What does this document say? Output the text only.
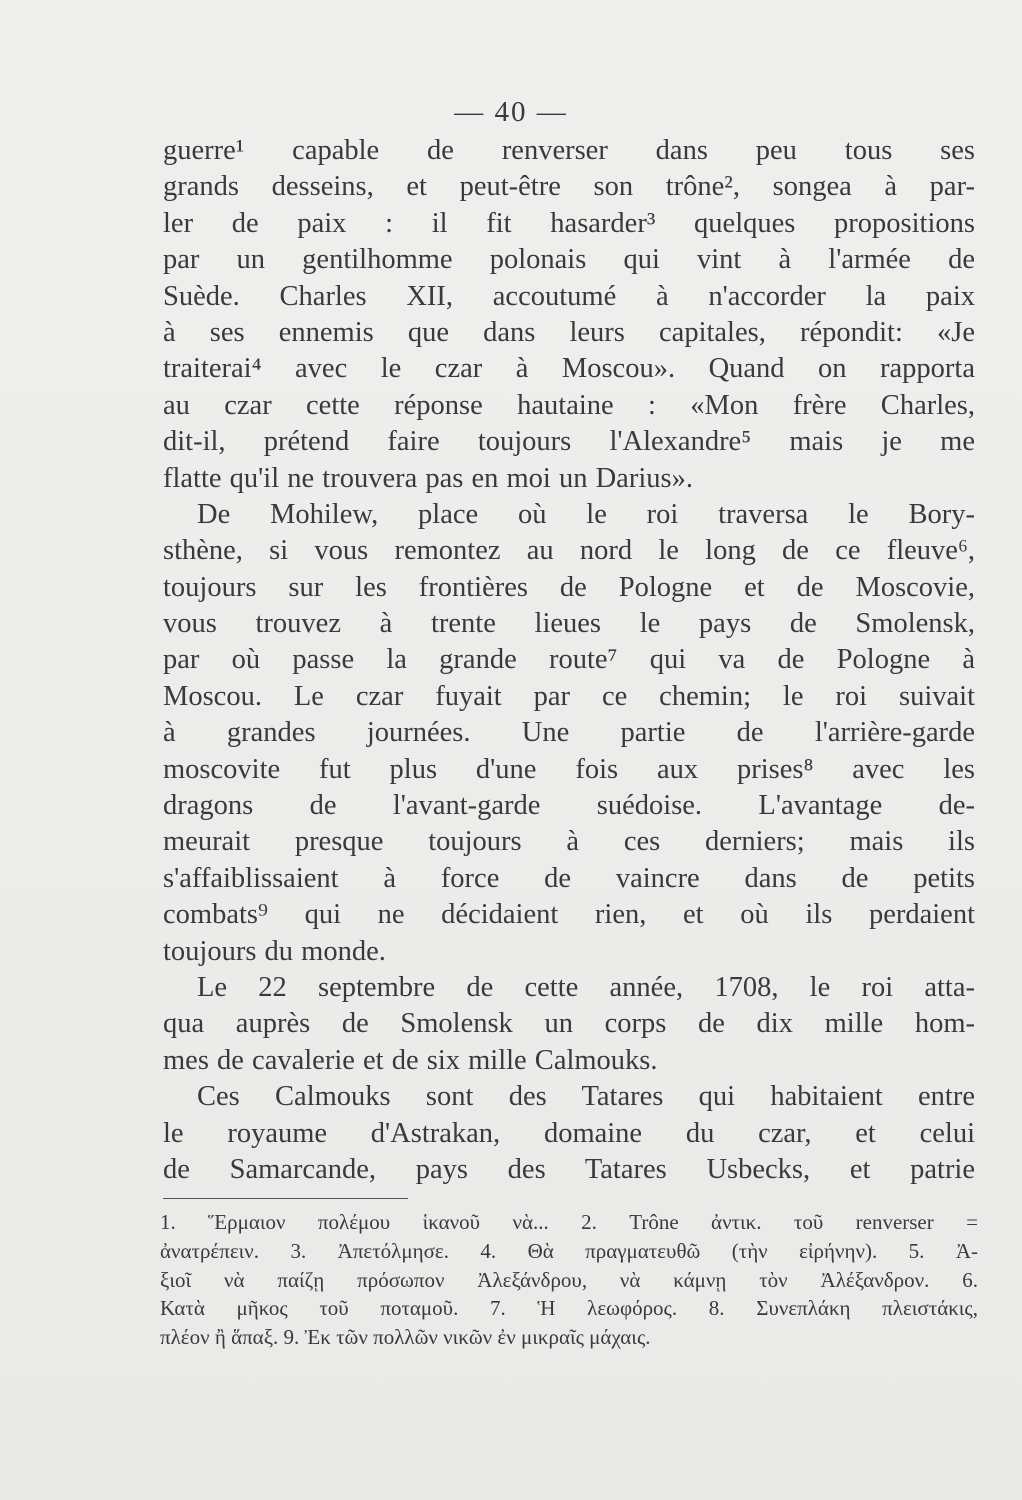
— 40 —
guerre¹ capable de renverser dans peu tous ses
grands desseins, et peut-être son trône², songea à par-
ler de paix : il fit hasarder³ quelques propositions
par un gentilhomme polonais qui vint à l'armée de
Suède. Charles XII, accoutumé à n'accorder la paix
à ses ennemis que dans leurs capitales, répondit: «Je
traiterai⁴ avec le czar à Moscou». Quand on rapporta
au czar cette réponse hautaine : «Mon frère Charles,
dit-il, prétend faire toujours l'Alexandre⁵ mais je me
flatte qu'il ne trouvera pas en moi un Darius».
De Mohilew, place où le roi traversa le Bory-
sthène, si vous remontez au nord le long de ce fleuve⁶,
toujours sur les frontières de Pologne et de Moscovie,
vous trouvez à trente lieues le pays de Smolensk,
par où passe la grande route⁷ qui va de Pologne à
Moscou. Le czar fuyait par ce chemin; le roi suivait
à grandes journées. Une partie de l'arrière-garde
moscovite fut plus d'une fois aux prises⁸ avec les
dragons de l'avant-garde suédoise. L'avantage de-
meurait presque toujours à ces derniers; mais ils
s'affaiblissaient à force de vaincre dans de petits
combats⁹ qui ne décidaient rien, et où ils perdaient
toujours du monde.
Le 22 septembre de cette année, 1708, le roi atta-
qua auprès de Smolensk un corps de dix mille hom-
mes de cavalerie et de six mille Calmouks.
Ces Calmouks sont des Tatares qui habitaient entre
le royaume d'Astrakan, domaine du czar, et celui
de Samarcande, pays des Tatares Usbecks, et patrie
1. Ἕρμαιον πολέμου ἱκανοῦ νὰ... 2. Trône ἀντικ. τοῦ renverser =
ἀνατρέπειν. 3. Ἀπετόλμησε. 4. Θὰ πραγματευθῶ (τὴν εἰρήνην). 5. Ἀ-
ξιοῖ νὰ παίζῃ πρόσωπον Ἀλεξάνδρου, νὰ κάμνῃ τὸν Ἀλέξανδρον. 6.
Κατὰ μῆκος τοῦ ποταμοῦ. 7. Ἡ λεωφόρος. 8. Συνεπλάκη πλειστάκις,
πλέον ἢ ἅπαξ. 9. Ἐκ τῶν πολλῶν νικῶν ἐν μικραῖς μάχαις.
